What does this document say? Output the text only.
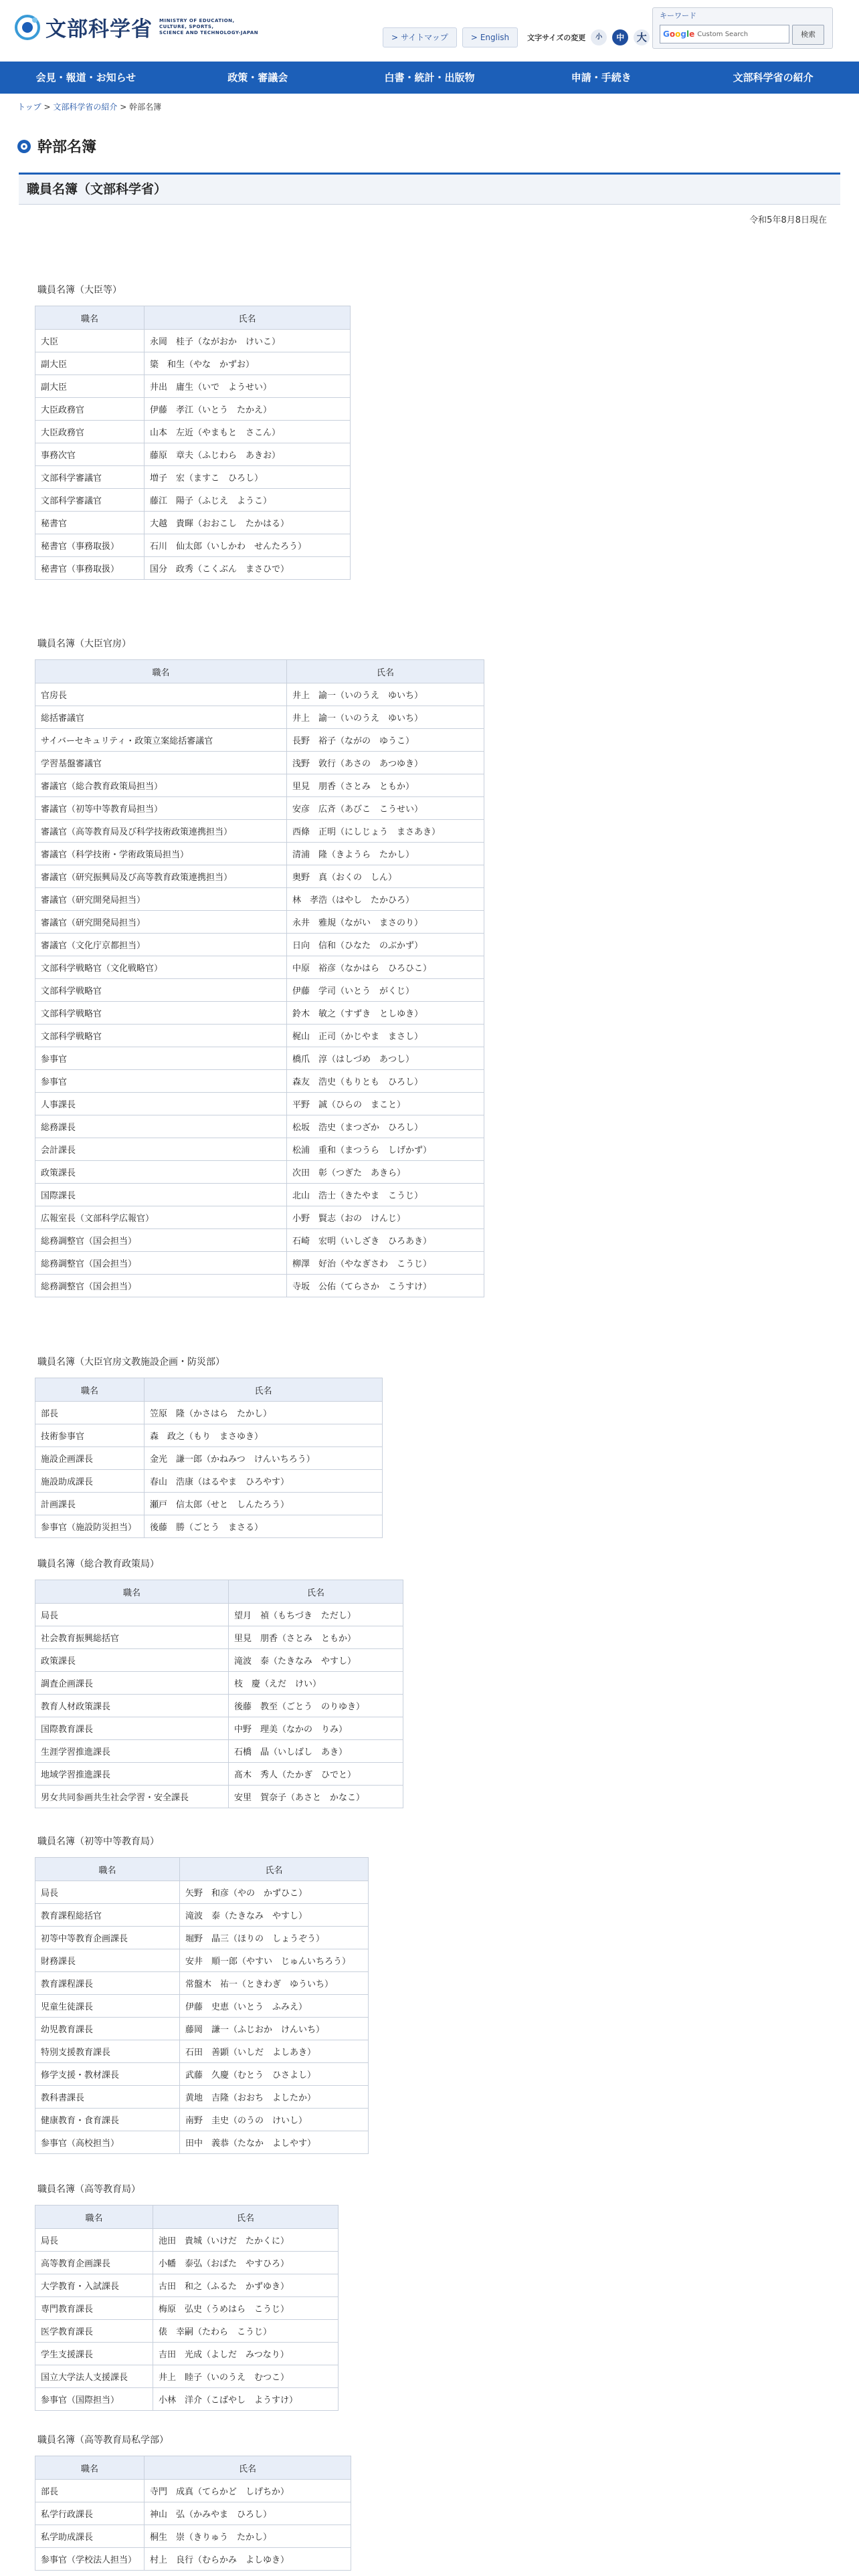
文部科学省 MINISTRY OF EDUCATION,
CULTURE, SPORTS,
SCIENCE AND TECHNOLOGY-JAPAN	> サイトマップ	> English	文字サイズの変更	小	中	大
キーワード
Google Custom Search	検索
会見・報道・お知らせ	政策・審議会	白書・統計・出版物	申請・手続き	文部科学省の紹介
トップ > 文部科学省の紹介 > 幹部名簿
幹部名簿
職員名簿（文部科学省）
令和5年8月8日現在
職員名簿（大臣等）
職名	氏名
大臣	永岡　桂子（ながおか　けいこ）
副大臣	簗　和生（やな　かずお）
副大臣	井出　庸生（いで　ようせい）
大臣政務官	伊藤　孝江（いとう　たかえ）
大臣政務官	山本　左近（やまもと　さこん）
事務次官	藤原　章夫（ふじわら　あきお）
文部科学審議官	増子　宏（ますこ　ひろし）
文部科学審議官	藤江　陽子（ふじえ　ようこ）
秘書官	大越　貴暉（おおこし　たかはる）
秘書官（事務取扱）	石川　仙太郎（いしかわ　せんたろう）
秘書官（事務取扱）	国分　政秀（こくぶん　まさひで）
職員名簿（大臣官房）
職名	氏名
官房長	井上　諭一（いのうえ　ゆいち）
総括審議官	井上　諭一（いのうえ　ゆいち）
サイバーセキュリティ・政策立案総括審議官	長野　裕子（ながの　ゆうこ）
学習基盤審議官	浅野　敦行（あさの　あつゆき）
審議官（総合教育政策局担当）	里見　朋香（さとみ　ともか）
審議官（初等中等教育局担当）	安彦　広斉（あびこ　こうせい）
審議官（高等教育局及び科学技術政策連携担当）	西條　正明（にしじょう　まさあき）
審議官（科学技術・学術政策局担当）	清浦　隆（きようら　たかし）
審議官（研究振興局及び高等教育政策連携担当）	奥野　真（おくの　しん）
審議官（研究開発局担当）	林　孝浩（はやし　たかひろ）
審議官（研究開発局担当）	永井　雅規（ながい　まさのり）
審議官（文化庁京都担当）	日向　信和（ひなた　のぶかず）
文部科学戦略官（文化戦略官）	中原　裕彦（なかはら　ひろひこ）
文部科学戦略官	伊藤　学司（いとう　がくじ）
文部科学戦略官	鈴木　敏之（すずき　としゆき）
文部科学戦略官	梶山　正司（かじやま　まさし）
参事官	橋爪　淳（はしづめ　あつし）
参事官	森友　浩史（もりとも　ひろし）
人事課長	平野　誠（ひらの　まこと）
総務課長	松坂　浩史（まつざか　ひろし）
会計課長	松浦　重和（まつうら　しげかず）
政策課長	次田　彰（つぎた　あきら）
国際課長	北山　浩士（きたやま　こうじ）
広報室長（文部科学広報官）	小野　賢志（おの　けんじ）
総務調整官（国会担当）	石崎　宏明（いしざき　ひろあき）
総務調整官（国会担当）	柳澤　好治（やなぎさわ　こうじ）
総務調整官（国会担当）	寺坂　公佑（てらさか　こうすけ）
職員名簿（大臣官房文教施設企画・防災部）
職名	氏名
部長	笠原　隆（かさはら　たかし）
技術参事官	森　政之（もり　まさゆき）
施設企画課長	金光　謙一郎（かねみつ　けんいちろう）
施設助成課長	春山　浩康（はるやま　ひろやす）
計画課長	瀬戸　信太郎（せと　しんたろう）
参事官（施設防災担当）	後藤　勝（ごとう　まさる）
職員名簿（総合教育政策局）
職名	氏名
局長	望月　禎（もちづき　ただし）
社会教育振興総括官	里見　朋香（さとみ　ともか）
政策課長	滝波　泰（たきなみ　やすし）
調査企画課長	枝　慶（えだ　けい）
教育人材政策課長	後藤　教至（ごとう　のりゆき）
国際教育課長	中野　理美（なかの　りみ）
生涯学習推進課長	石橋　晶（いしばし　あき）
地域学習推進課長	髙木　秀人（たかぎ　ひでと）
男女共同参画共生社会学習・安全課長	安里　賀奈子（あさと　かなこ）
職員名簿（初等中等教育局）
職名	氏名
局長	矢野　和彦（やの　かずひこ）
教育課程総括官	滝波　泰（たきなみ　やすし）
初等中等教育企画課長	堀野　晶三（ほりの　しょうぞう）
財務課長	安井　順一郎（やすい　じゅんいちろう）
教育課程課長	常盤木　祐一（ときわぎ　ゆういち）
児童生徒課長	伊藤　史恵（いとう　ふみえ）
幼児教育課長	藤岡　謙一（ふじおか　けんいち）
特別支援教育課長	石田　善顕（いしだ　よしあき）
修学支援・教材課長	武藤　久慶（むとう　ひさよし）
教科書課長	黄地　吉隆（おおち　よしたか）
健康教育・食育課長	南野　圭史（のうの　けいし）
参事官（高校担当）	田中　義恭（たなか　よしやす）
職員名簿（高等教育局）
職名	氏名
局長	池田　貴城（いけだ　たかくに）
高等教育企画課長	小幡　泰弘（おばた　やすひろ）
大学教育・入試課長	古田　和之（ふるた　かずゆき）
専門教育課長	梅原　弘史（うめはら　こうじ）
医学教育課長	俵　幸嗣（たわら　こうじ）
学生支援課長	吉田　光成（よしだ　みつなり）
国立大学法人支援課長	井上　睦子（いのうえ　むつこ）
参事官（国際担当）	小林　洋介（こばやし　ようすけ）
職員名簿（高等教育局私学部）
職名	氏名
部長	寺門　成真（てらかど　しげちか）
私学行政課長	神山　弘（かみやま　ひろし）
私学助成課長	桐生　崇（きりゅう　たかし）
参事官（学校法人担当）	村上　良行（むらかみ　よしゆき）
